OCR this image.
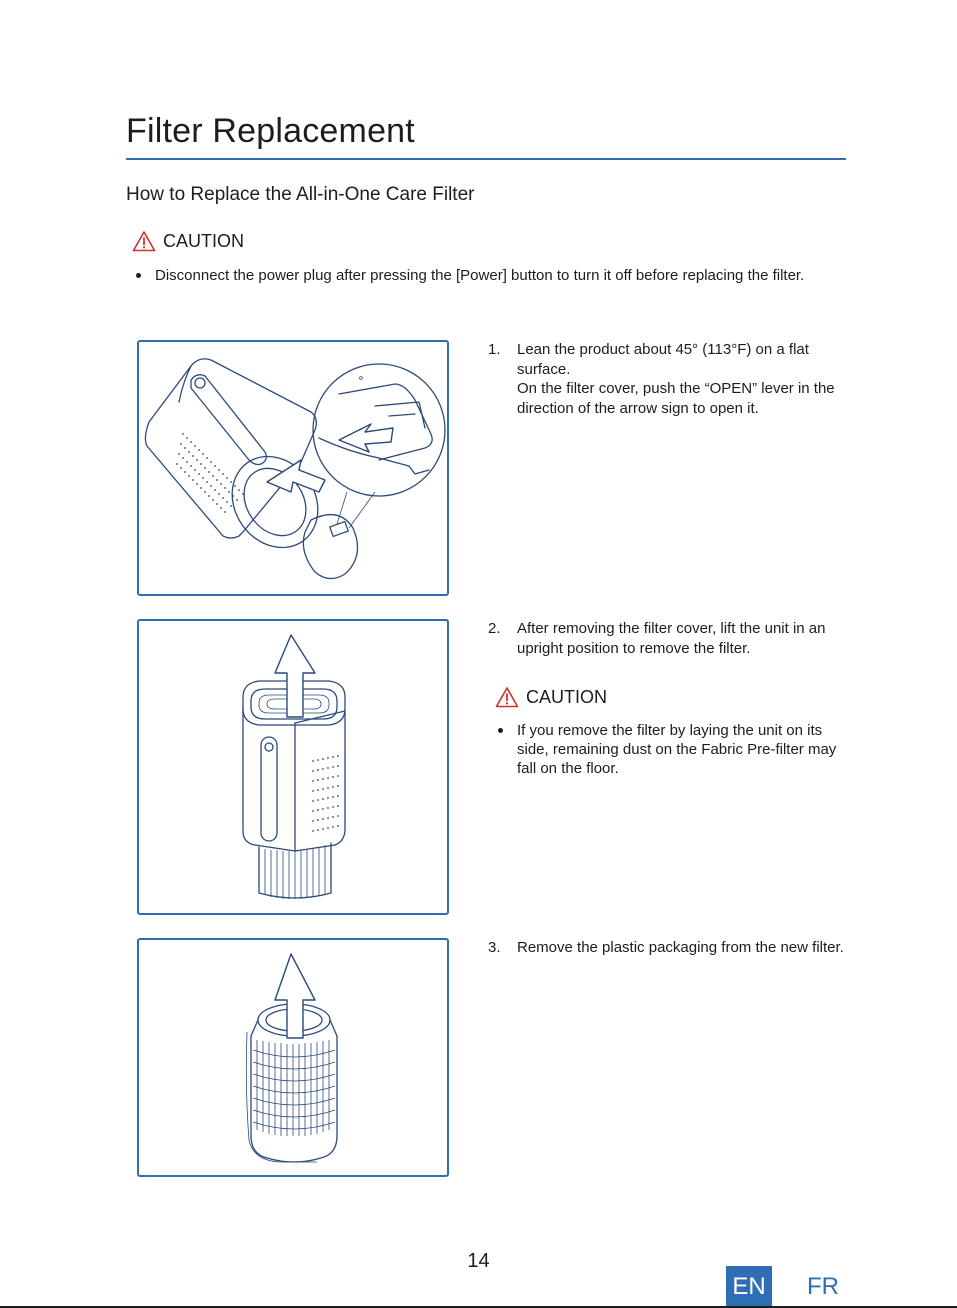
Filter Replacement
How to Replace the All-in-One Care Filter
CAUTION
Disconnect the power plug after pressing the [Power] button to turn it off before replacing the filter.
1. Lean the product about 45° (113°F) on a flat surface.

On the filter cover, push the “OPEN” lever in the direction of the arrow sign to open it.

2. After removing the filter cover, lift the unit in an upright position to remove the filter.

CAUTION
If you remove the filter by laying the unit on its side, remaining dust on the Fabric Pre-filter may fall on the floor.
3. Remove the plastic packaging from the new filter.

14
EN FR
